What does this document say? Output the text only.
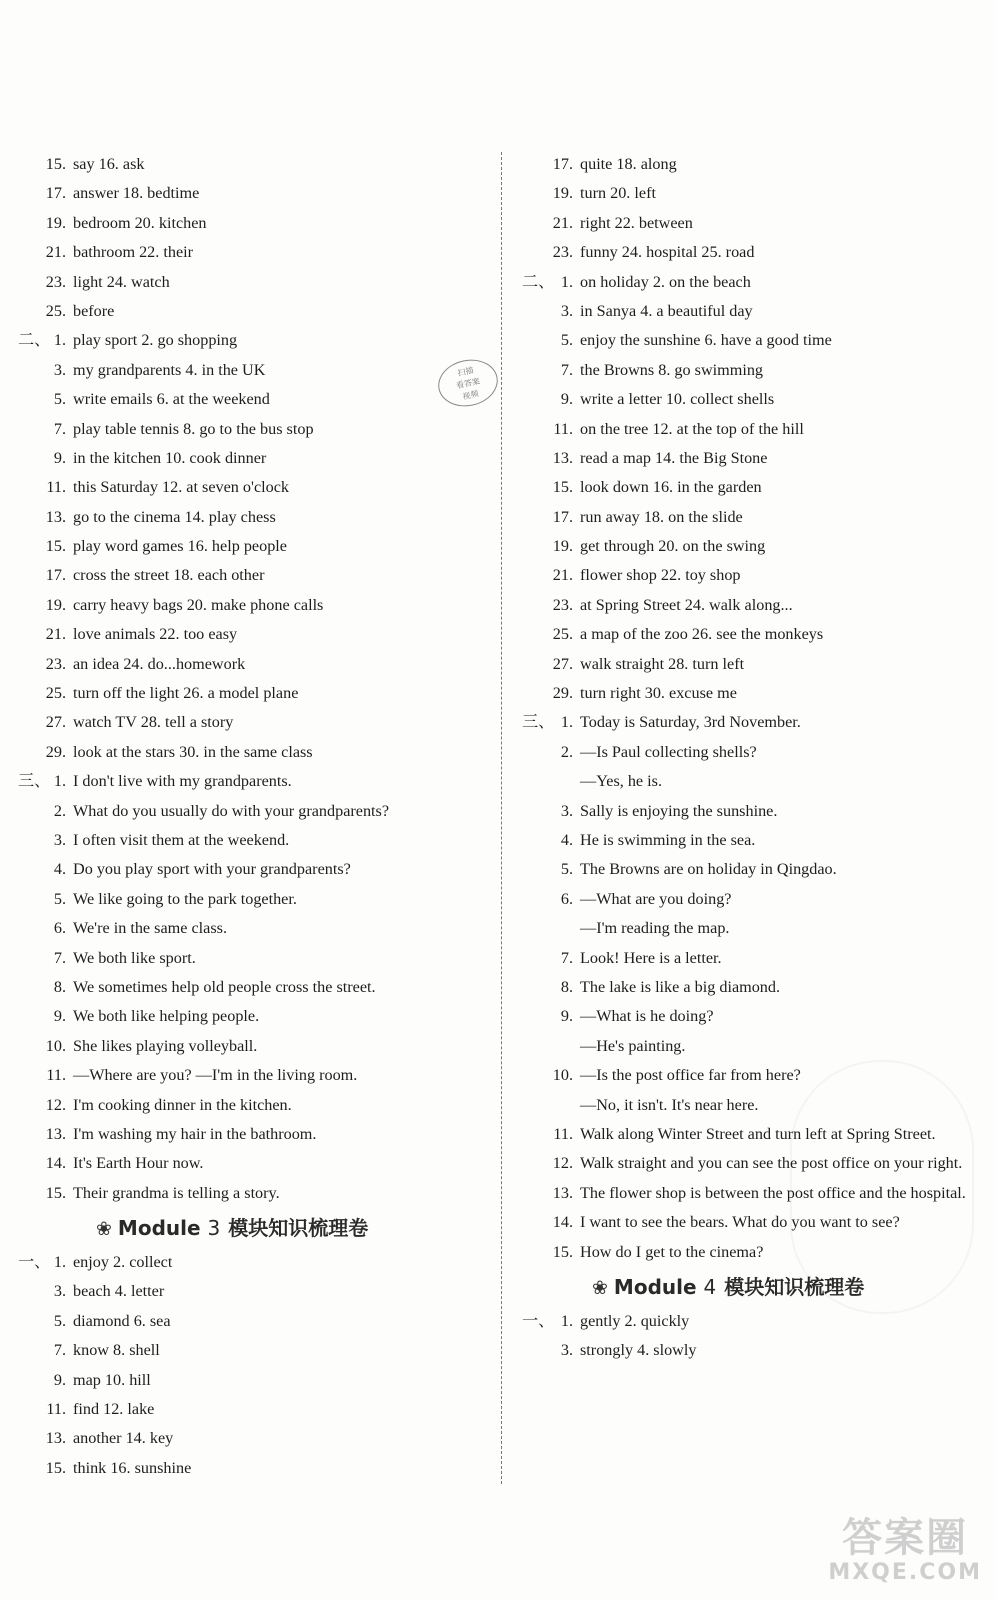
扫描
看答案
视频
15. say 16. ask
17. answer 18. bedtime
19. bedroom 20. kitchen
21. bathroom 22. their
23. light 24. watch
25. before
二、 1. play sport 2. go shopping
3. my grandparents 4. in the UK
5. write emails 6. at the weekend
7. play table tennis 8. go to the bus stop
9. in the kitchen 10. cook dinner
11. this Saturday 12. at seven o'clock
13. go to the cinema 14. play chess
15. play word games 16. help people
17. cross the street 18. each other
19. carry heavy bags 20. make phone calls
21. love animals 22. too easy
23. an idea 24. do...homework
25. turn off the light 26. a model plane
27. watch TV 28. tell a story
29. look at the stars 30. in the same class
三、 1. I don't live with my grandparents.
2. What do you usually do with your grandparents?
3. I often visit them at the weekend.
4. Do you play sport with your grandparents?
5. We like going to the park together.
6. We're in the same class.
7. We both like sport.
8. We sometimes help old people cross the street.
9. We both like helping people.
10. She likes playing volleyball.
11. —Where are you? —I'm in the living room.
12. I'm cooking dinner in the kitchen.
13. I'm washing my hair in the bathroom.
14. It's Earth Hour now.
15. Their grandma is telling a story.
❀ Module 3 模块知识梳理卷
一、 1. enjoy 2. collect
3. beach 4. letter
5. diamond 6. sea
7. know 8. shell
9. map 10. hill
11. find 12. lake
13. another 14. key
15. think 16. sunshine
17. quite 18. along
19. turn 20. left
21. right 22. between
23. funny 24. hospital 25. road
二、 1. on holiday 2. on the beach
3. in Sanya 4. a beautiful day
5. enjoy the sunshine 6. have a good time
7. the Browns 8. go swimming
9. write a letter 10. collect shells
11. on the tree 12. at the top of the hill
13. read a map 14. the Big Stone
15. look down 16. in the garden
17. run away 18. on the slide
19. get through 20. on the swing
21. flower shop 22. toy shop
23. at Spring Street 24. walk along...
25. a map of the zoo 26. see the monkeys
27. walk straight 28. turn left
29. turn right 30. excuse me
三、 1. Today is Saturday, 3rd November.
2. —Is Paul collecting shells?
—Yes, he is.
3. Sally is enjoying the sunshine.
4. He is swimming in the sea.
5. The Browns are on holiday in Qingdao.
6. —What are you doing?
—I'm reading the map.
7. Look! Here is a letter.
8. The lake is like a big diamond.
9. —What is he doing?
—He's painting.
10. —Is the post office far from here?
—No, it isn't. It's near here.
11. Walk along Winter Street and turn left at Spring Street.
12. Walk straight and you can see the post office on your right.
13. The flower shop is between the post office and the hospital.
14. I want to see the bears. What do you want to see?
15. How do I get to the cinema?
❀ Module 4 模块知识梳理卷
一、 1. gently 2. quickly
3. strongly 4. slowly
答案圈
MXQE.COM
